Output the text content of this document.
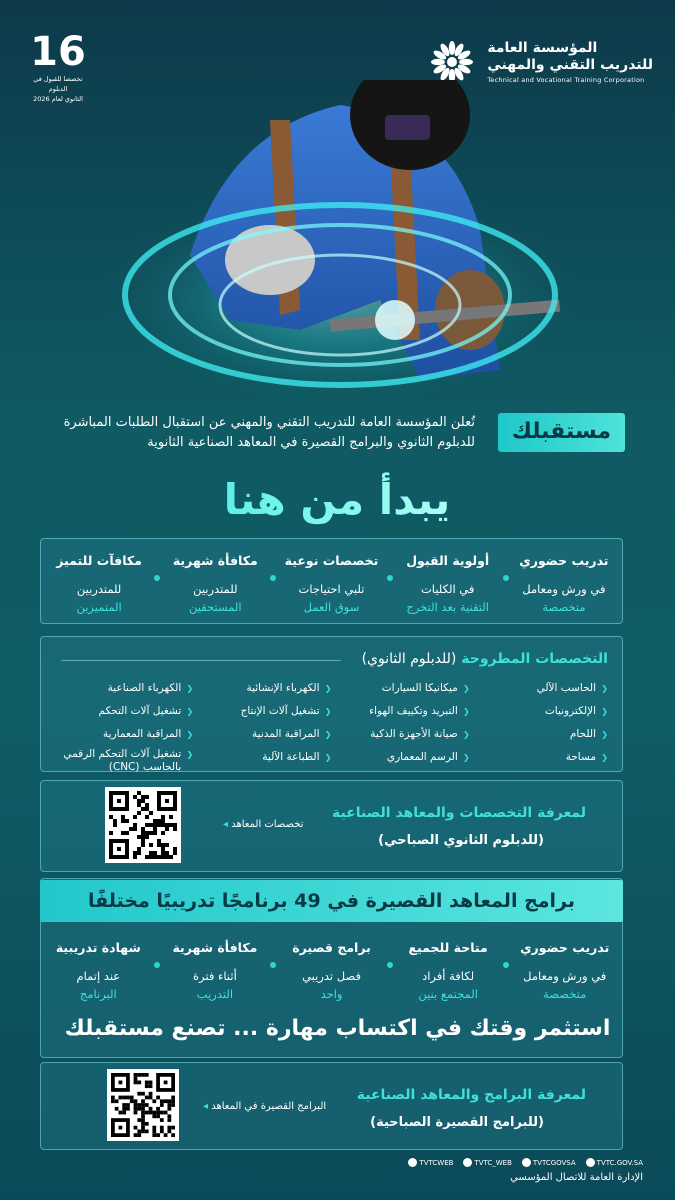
المؤسسة العامة
للتدريب التقني والمهني
Technical and Vocational Training Corporation
16
تخصصا للقبول في الدبلوم
الثانوي لعام 2026
مستقبلك
تُعلن المؤسسة العامة للتدريب التقني والمهني عن استقبال الطلبات المباشرة للدبلوم الثانوي والبرامج القصيرة في المعاهد الصناعية الثانوية
يبدأ من هنا
تدريب حضوري
في ورش ومعامل
متخصصة
أولوية القبول
في الكليات
التقنية بعد التخرج
تخصصات نوعية
تلبي احتياجات
سوق العمل
مكافأة شهرية
للمتدربين
المستحقين
مكافآت للتميز
للمتدربين
المتميزين
التخصصات المطروحة (للدبلوم الثانوي)
❮ الحاسب الآلي
❮ ميكانيكا السيارات
❮ الكهرباء الإنشائية
❮ الكهرباء الصناعية
❮ الإلكترونيات
❮ التبريد وتكييف الهواء
❮ تشغيل آلات الإنتاج
❮ تشغيل آلات التحكم
❮ اللحام
❮ صيانة الأجهزة الذكية
❮ المراقبة المدنية
❮ المراقبة المعمارية
❮ مساحة
❮ الرسم المعماري
❮ الطباعة الآلية
❮ تشغيل آلات التحكم الرقمي بالحاسب (CNC)
لمعرفة التخصصات والمعاهد الصناعية
(للدبلوم الثانوي الصباحي)
تخصصات المعاهد ◂
برامج المعاهد القصيرة في 49 برنامجًا تدريبيًا مختلفًا
تدريب حضوري
في ورش ومعامل
متخصصة
متاحة للجميع
لكافة أفراد
المجتمع بنين
برامج قصيرة
فصل تدريبي
واحد
مكافأة شهرية
أثناء فترة
التدريب
شهادة تدريبية
عند إتمام
البرنامج
استثمر وقتك في اكتساب مهارة ... تصنع مستقبلك
لمعرفة البرامج والمعاهد الصناعية
(للبرامج القصيرة الصباحية)
البرامج القصيرة في المعاهد ◂
TVTCWEB	TVTC_WEB	TVTCGOVSA	TVTC.GOV.SA
الإدارة العامة للاتصال المؤسسي
